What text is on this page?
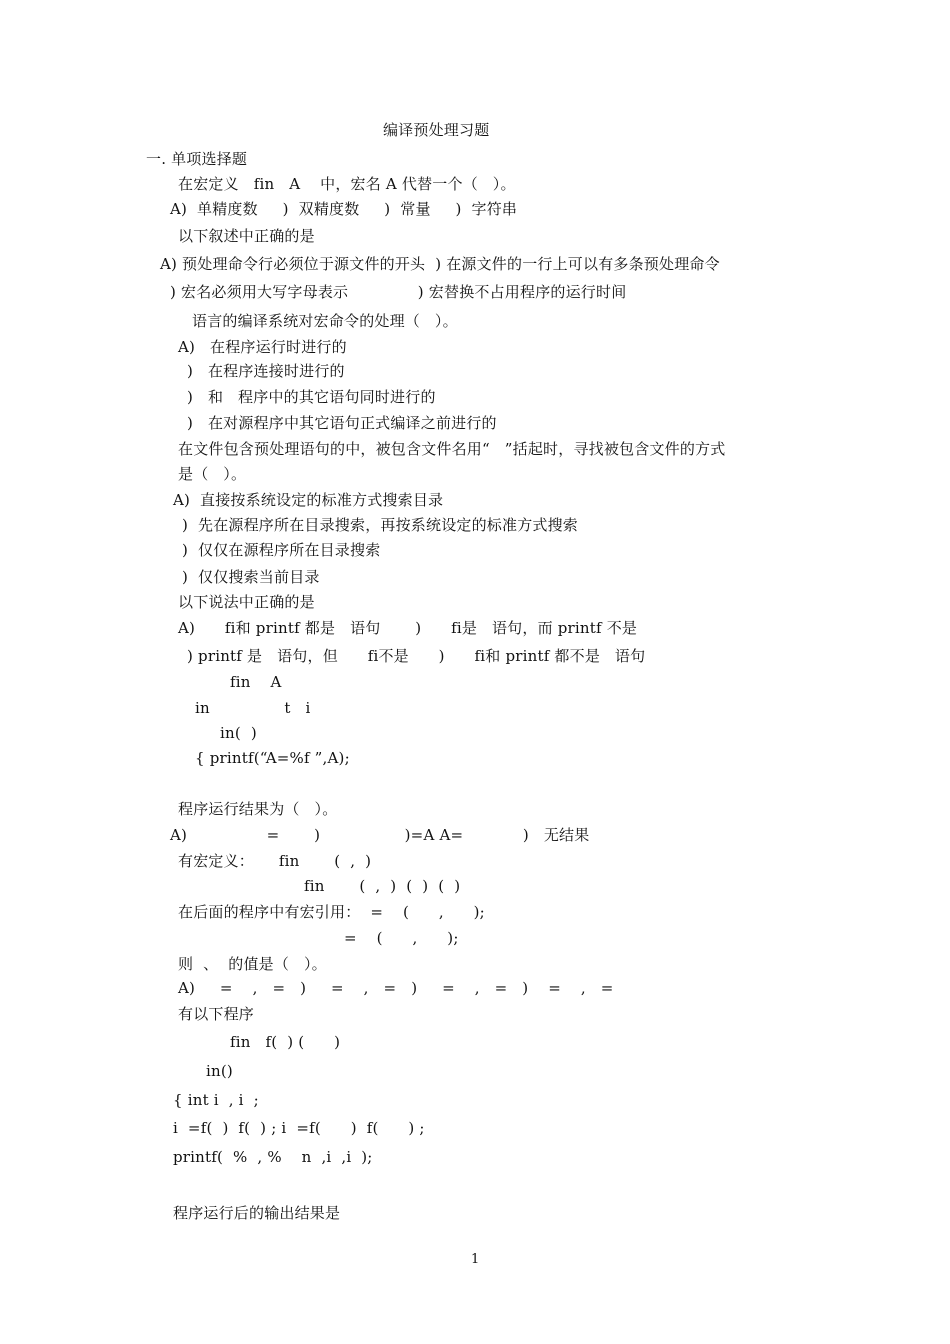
编译预处理习题

一. 单项选择题

在宏定义   fin   A    中，宏名 A 代替一个（   ）。

A)  单精度数     )  双精度数     )  常量     )  字符串

以下叙述中正确的是

A) 预处理命令行必须位于源文件的开头  ) 在源文件的一行上可以有多条预处理命令

) 宏名必须用大写字母表示              ) 宏替换不占用程序的运行时间

语言的编译系统对宏命令的处理（   ）。

A)   在程序运行时进行的

)   在程序连接时进行的

)   和   程序中的其它语句同时进行的

)   在对源程序中其它语句正式编译之前进行的

在文件包含预处理语句的中，被包含文件名用“   ”括起时，寻找被包含文件的方式

是（   ）。

A)  直接按系统设定的标准方式搜索目录

)  先在源程序所在目录搜索，再按系统设定的标准方式搜索

)  仅仅在源程序所在目录搜索

)  仅仅搜索当前目录

以下说法中正确的是

A)      fi和 printf 都是   语句       )      fi是   语句，而 printf 不是

) printf 是   语句，但      fi不是      )      fi和 printf 都不是   语句

fin    A

in               t   i

in(  )

{ printf(“A=%f ”,A);

程序运行结果为（   ）。

A)                =       )                 )=A A=            )   无结果

有宏定义：     fin       (  ,  )

fin       (  ,  )  (  )  (  )

在后面的程序中有宏引用：  =    (      ,      );

=    (      ,      );

则  、  的值是（   ）。

A)     =    ,   =   )     =    ,   =   )     =    ,   =   )    =    ,   =

有以下程序

fin   f(  ) (      )

in()

{ int i  , i  ;

i  =f(  )  f(  ) ; i  =f(      )  f(      ) ;

printf(  %  , %    n  ,i  ,i  );

程序运行后的输出结果是

1
